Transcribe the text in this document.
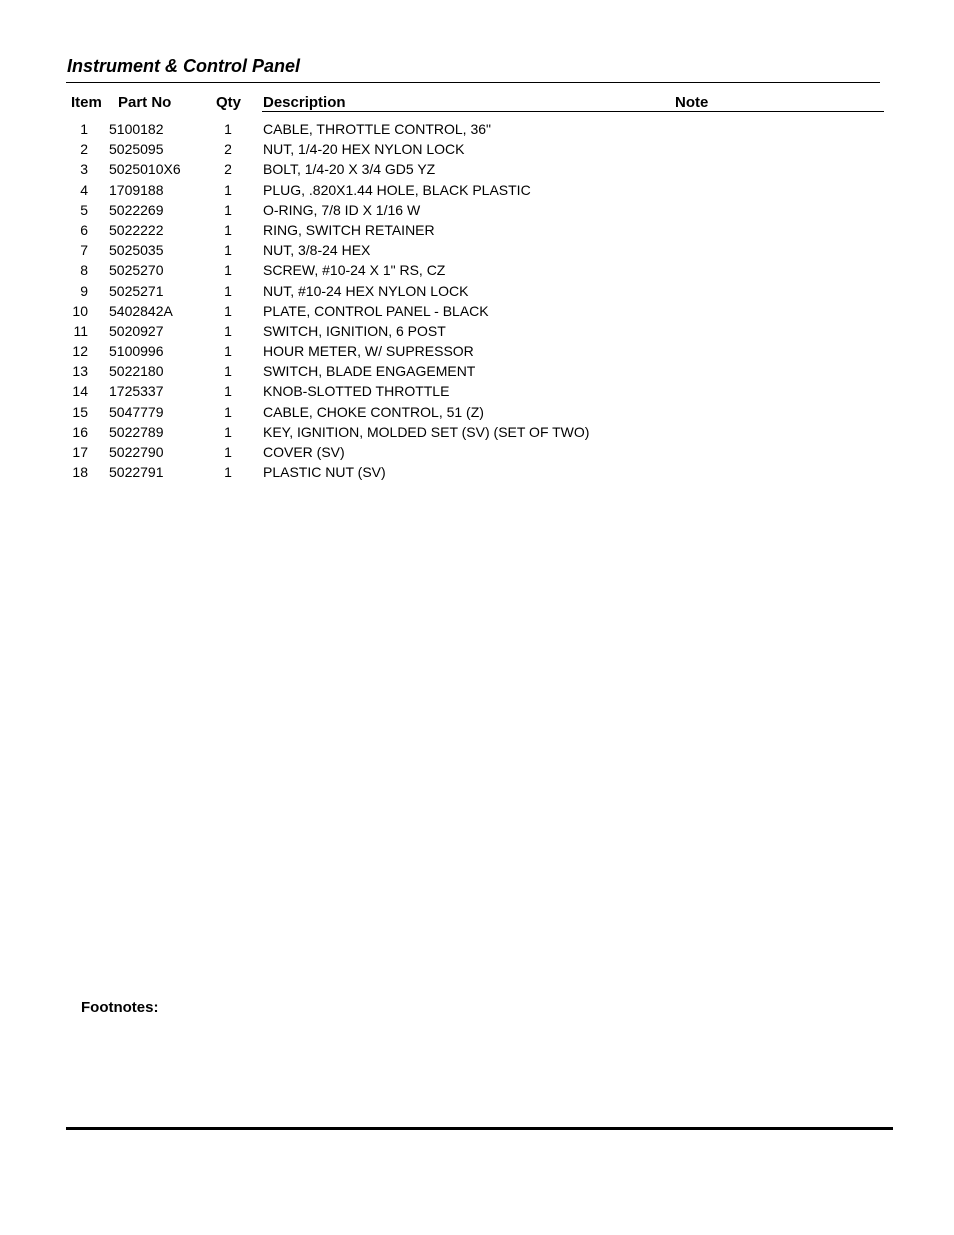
Instrument & Control Panel
Item Part No	Qty Description	Note
1 5100182	1 CABLE, THROTTLE CONTROL, 36"
2 5025095	2 NUT, 1/4-20 HEX NYLON LOCK
3 5025010X6	2 BOLT, 1/4-20 X 3/4 GD5 YZ
4 1709188	1 PLUG, .820X1.44 HOLE, BLACK PLASTIC
5 5022269	1 O-RING, 7/8 ID X 1/16 W
6 5022222	1 RING, SWITCH RETAINER
7 5025035	1 NUT, 3/8-24 HEX
8 5025270	1 SCREW, #10-24 X 1" RS, CZ
9 5025271	1 NUT, #10-24 HEX NYLON LOCK
10 5402842A	1 PLATE, CONTROL PANEL - BLACK
11 5020927	1 SWITCH, IGNITION, 6 POST
12 5100996	1 HOUR METER, W/ SUPRESSOR
13 5022180	1 SWITCH, BLADE ENGAGEMENT
14 1725337	1 KNOB-SLOTTED THROTTLE
15 5047779	1 CABLE, CHOKE CONTROL, 51 (Z)
16 5022789	1 KEY, IGNITION, MOLDED SET (SV) (SET OF TWO)
17 5022790	1 COVER (SV)
18 5022791	1 PLASTIC NUT (SV)
Footnotes:
